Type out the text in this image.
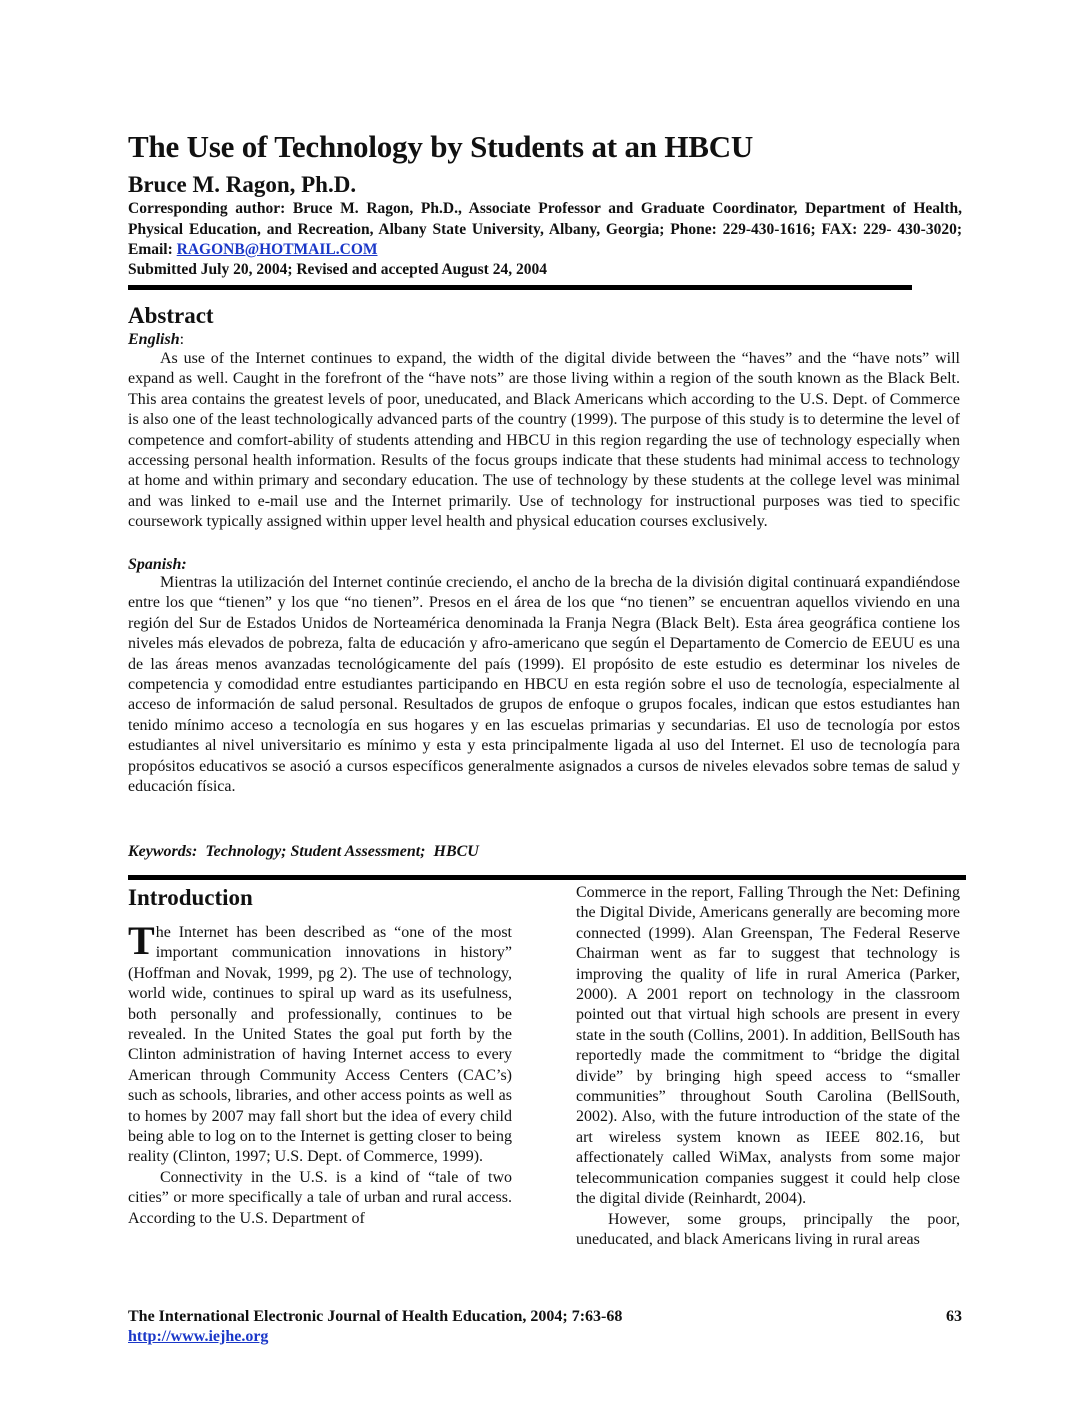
The Use of Technology by Students at an HBCU
Bruce M. Ragon, Ph.D.
Corresponding author: Bruce M. Ragon, Ph.D., Associate Professor and Graduate Coordinator, Department of Health, Physical Education, and Recreation, Albany State University, Albany, Georgia; Phone: 229-430-1616; FAX: 229- 430-3020; Email: RAGONB@HOTMAIL.COM
Submitted July 20, 2004; Revised and accepted August 24, 2004
Abstract
English:
As use of the Internet continues to expand, the width of the digital divide between the “haves” and the “have nots” will expand as well. Caught in the forefront of the “have nots” are those living within a region of the south known as the Black Belt. This area contains the greatest levels of poor, uneducated, and Black Americans which according to the U.S. Dept. of Commerce is also one of the least technologically advanced parts of the country (1999). The purpose of this study is to determine the level of competence and comfort-ability of students attending and HBCU in this region regarding the use of technology especially when accessing personal health information. Results of the focus groups indicate that these students had minimal access to technology at home and within primary and secondary education. The use of technology by these students at the college level was minimal and was linked to e-mail use and the Internet primarily. Use of technology for instructional purposes was tied to specific coursework typically assigned within upper level health and physical education courses exclusively.
Spanish:
Mientras la utilización del Internet continúe creciendo, el ancho de la brecha de la división digital continuará expandiéndose entre los que “tienen” y los que “no tienen”. Presos en el área de los que “no tienen” se encuentran aquellos viviendo en una región del Sur de Estados Unidos de Norteamérica denominada la Franja Negra (Black Belt). Esta área geográfica contiene los niveles más elevados de pobreza, falta de educación y afro-americano que según el Departamento de Comercio de EEUU es una de las áreas menos avanzadas tecnológicamente del país (1999). El propósito de este estudio es determinar los niveles de competencia y comodidad entre estudiantes participando en HBCU en esta región sobre el uso de tecnología, especialmente al acceso de información de salud personal. Resultados de grupos de enfoque o grupos focales, indican que estos estudiantes han tenido mínimo acceso a tecnología en sus hogares y en las escuelas primarias y secundarias. El uso de tecnología por estos estudiantes al nivel universitario es mínimo y esta y esta principalmente ligada al uso del Internet. El uso de tecnología para propósitos educativos se asoció a cursos específicos generalmente asignados a cursos de niveles elevados sobre temas de salud y educación física.
Keywords:  Technology; Student Assessment;  HBCU
Introduction

The Internet has been described as “one of the most important communication innovations in history” (Hoffman and Novak, 1999, pg 2). The use of technology, world wide, continues to spiral up ward as its usefulness, both personally and professionally, continues to be revealed. In the United States the goal put forth by the Clinton administration of having Internet access to every American through Community Access Centers (CAC’s) such as schools, libraries, and other access points as well as to homes by 2007 may fall short but the idea of every child being able to log on to the Internet is getting closer to being reality (Clinton, 1997; U.S. Dept. of Commerce, 1999).

Connectivity in the U.S. is a kind of “tale of two cities” or more specifically a tale of urban and rural access. According to the U.S. Department of

Commerce in the report, Falling Through the Net: Defining the Digital Divide, Americans generally are becoming more connected (1999). Alan Greenspan, The Federal Reserve Chairman went as far to suggest that technology is improving the quality of life in rural America (Parker, 2000). A 2001 report on technology in the classroom pointed out that virtual high schools are present in every state in the south (Collins, 2001). In addition, BellSouth has reportedly made the commitment to “bridge the digital divide” by bringing high speed access to “smaller communities” throughout South Carolina (BellSouth, 2002). Also, with the future introduction of the state of the art wireless system known as IEEE 802.16, but affectionately called WiMax, analysts from some major telecommunication companies suggest it could help close the digital divide (Reinhardt, 2004).

However, some groups, principally the poor, uneducated, and black Americans living in rural areas

The International Electronic Journal of Health Education, 2004; 7:63-68	63
http://www.iejhe.org
